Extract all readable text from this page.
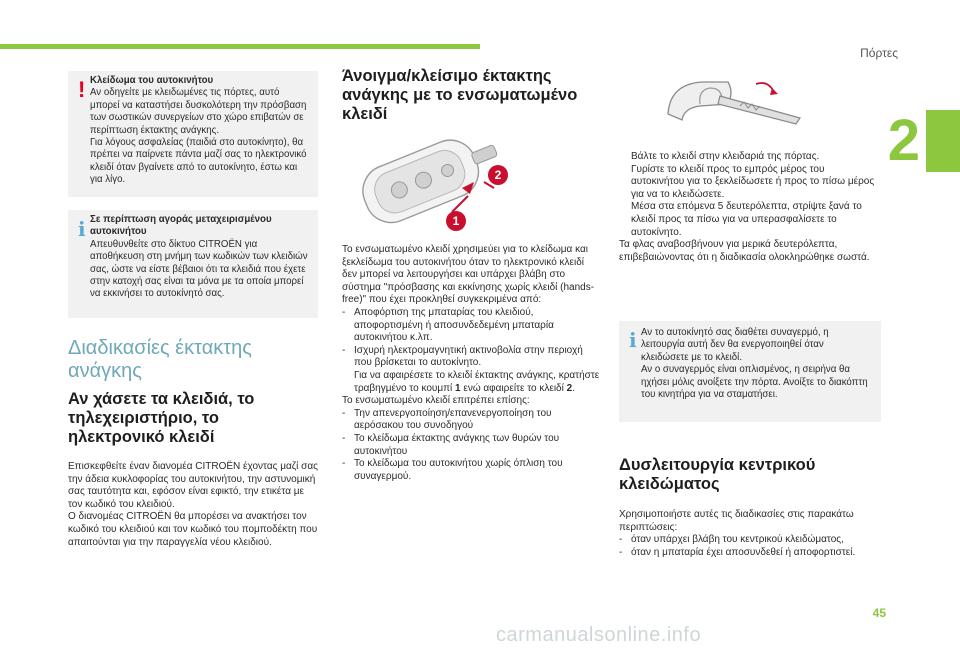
Πόρτες
2
45
carmanualsonline.info
! Κλείδωμα του αυτοκινήτου
Αν οδηγείτε με κλειδωμένες τις πόρτες, αυτό μπορεί να καταστήσει δυσκολότερη την πρόσβαση των σωστικών συνεργείων στο χώρο επιβατών σε περίπτωση έκτακτης ανάγκης.
Για λόγους ασφαλείας (παιδιά στο αυτοκίνητο), θα πρέπει να παίρνετε πάντα μαζί σας το ηλεκτρονικό κλειδί όταν βγαίνετε από το αυτοκίνητο, έστω και για λίγο.
i Σε περίπτωση αγοράς μεταχειρισμένου αυτοκινήτου
Απευθυνθείτε στο δίκτυο CITROËN για αποθήκευση στη μνήμη των κωδικών των κλειδιών σας, ώστε να είστε βέβαιοι ότι τα κλειδιά που έχετε στην κατοχή σας είναι τα μόνα με τα οποία μπορεί να εκκινήσει το αυτοκίνητό σας.
Διαδικασίες έκτακτης ανάγκης
Αν χάσετε τα κλειδιά, το τηλεχειριστήριο, το ηλεκτρονικό κλειδί
Επισκεφθείτε έναν διανομέα CITROËN έχοντας μαζί σας την άδεια κυκλοφορίας του αυτοκινήτου, την αστυνομική σας ταυτότητα και, εφόσον είναι εφικτό, την ετικέτα με τον κωδικό του κλειδιού.
Ο διανομέας CITROËN θα μπορέσει να ανακτήσει τον κωδικό του κλειδιού και τον κωδικό του πομποδέκτη που απαιτούνται για την παραγγελία νέου κλειδιού.
Άνοιγμα/κλείσιμο έκτακτης ανάγκης με το ενσωματωμένο κλειδί
2
1
Το ενσωματωμένο κλειδί χρησιμεύει για το κλείδωμα και ξεκλείδωμα του αυτοκινήτου όταν το ηλεκτρονικό κλειδί δεν μπορεί να λειτουργήσει και υπάρχει βλάβη στο σύστημα "πρόσβασης και εκκίνησης χωρίς κλειδί (hands-free)" που έχει προκληθεί συγκεκριμένα από:
- Αποφόρτιση της μπαταρίας του κλειδιού, αποφορτισμένη ή αποσυνδεδεμένη μπαταρία αυτοκινήτου κ.λπ.
- Ισχυρή ηλεκτρομαγνητική ακτινοβολία στην περιοχή που βρίσκεται το αυτοκίνητο.
Για να αφαιρέσετε το κλειδί έκτακτης ανάγκης, κρατήστε τραβηγμένο το κουμπί 1 ενώ αφαιρείτε το κλειδί 2.
Το ενσωματωμένο κλειδί επιτρέπει επίσης:
- Την απενεργοποίηση/επανενεργοποίηση του αερόσακου του συνοδηγού
- Το κλείδωμα έκτακτης ανάγκης των θυρών του αυτοκινήτου
- Το κλείδωμα του αυτοκινήτου χωρίς όπλιση του συναγερμού.
Βάλτε το κλειδί στην κλειδαριά της πόρτας.
Γυρίστε το κλειδί προς το εμπρός μέρος του αυτοκινήτου για το ξεκλείδωσετε ή προς το πίσω μέρος για να το κλειδώσετε.
Μέσα στα επόμενα 5 δευτερόλεπτα, στρίψτε ξανά το κλειδί προς τα πίσω για να υπερασφαλίσετε το αυτοκίνητο.
Τα φλας αναβοσβήνουν για μερικά δευτερόλεπτα, επιβεβαιώνοντας ότι η διαδικασία ολοκληρώθηκε σωστά.
i Αν το αυτοκίνητό σας διαθέτει συναγερμό, η λειτουργία αυτή δεν θα ενεργοποιηθεί όταν κλειδώσετε με το κλειδί.
Αν ο συναγερμός είναι οπλισμένος, η σειρήνα θα ηχήσει μόλις ανοίξετε την πόρτα. Ανοίξτε το διακόπτη του κινητήρα για να σταματήσει.
Δυσλειτουργία κεντρικού κλειδώματος
Χρησιμοποιήστε αυτές τις διαδικασίες στις παρακάτω περιπτώσεις:
- όταν υπάρχει βλάβη του κεντρικού κλειδώματος,
- όταν η μπαταρία έχει αποσυνδεθεί ή αποφορτιστεί.
